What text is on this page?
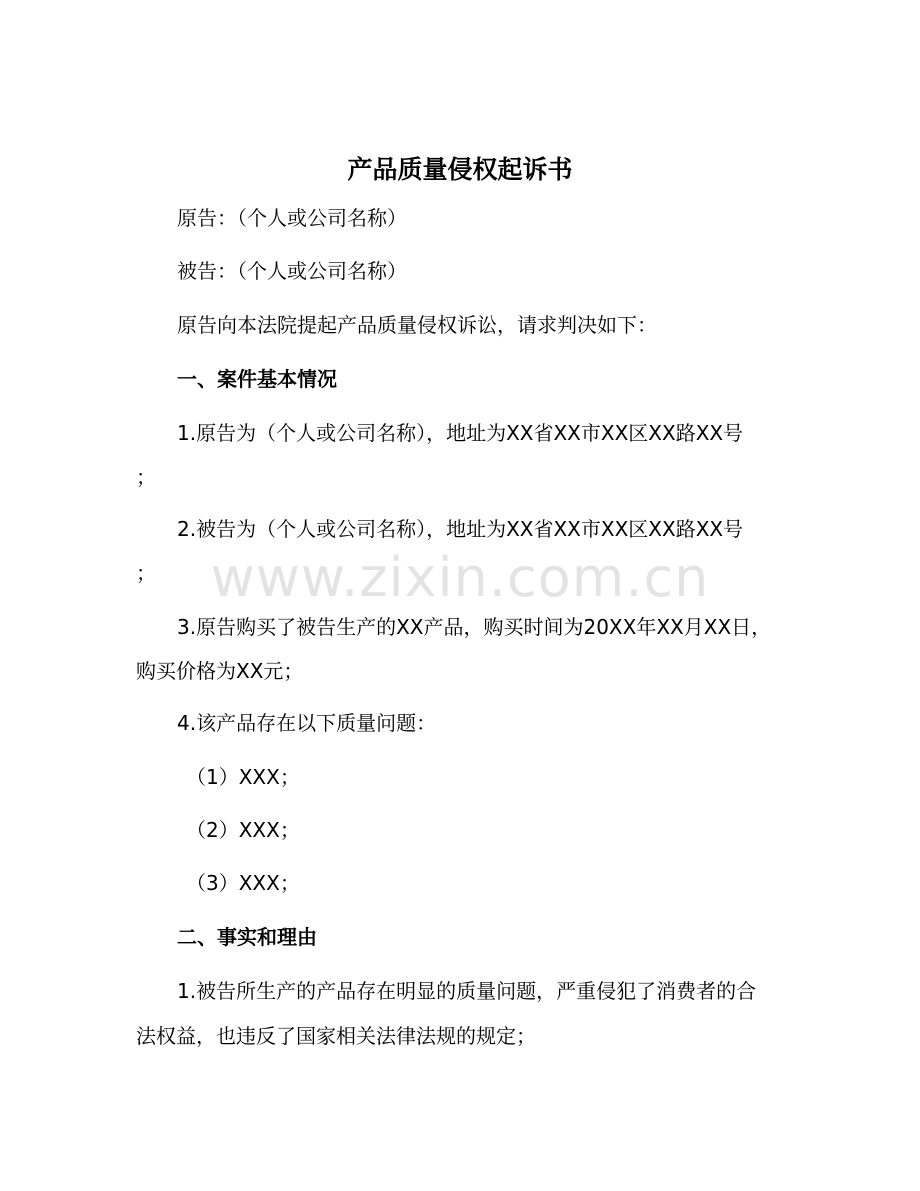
产品质量侵权起诉书
原告：（个人或公司名称）
被告：（个人或公司名称）
原告向本法院提起产品质量侵权诉讼，请求判决如下：
一、案件基本情况
1.原告为（个人或公司名称），地址为XX省XX市XX区XX路XX号
；
2.被告为（个人或公司名称），地址为XX省XX市XX区XX路XX号
；
3.原告购买了被告生产的XX产品，购买时间为20XX年XX月XX日，
购买价格为XX元；
4.该产品存在以下质量问题：
（1）XXX；
（2）XXX；
（3）XXX；
二、事实和理由
1.被告所生产的产品存在明显的质量问题，严重侵犯了消费者的合
法权益，也违反了国家相关法律法规的规定；
www.zixin.com.cn
